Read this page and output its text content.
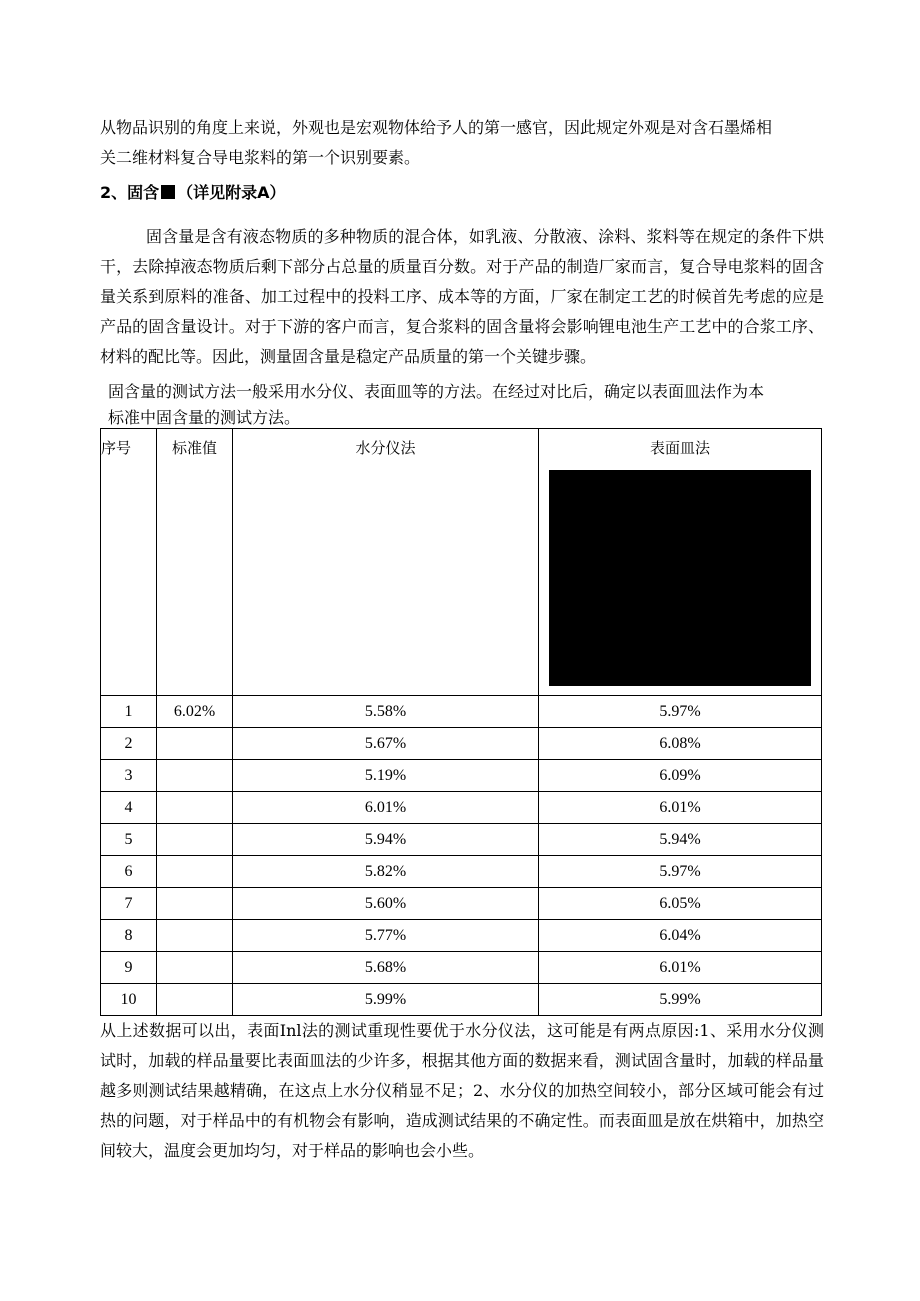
从物品识别的角度上来说，外观也是宏观物体给予人的第一感官，因此规定外观是对含石墨烯相

关二维材料复合导电浆料的第一个识别要素。

2、固含 （详见附录A）

固含量是含有液态物质的多种物质的混合体，如乳液、分散液、涂料、浆料等在规定的条件下烘干，去除掉液态物质后剩下部分占总量的质量百分数。对于产品的制造厂家而言，复合导电浆料的固含量关系到原料的准备、加工过程中的投料工序、成本等的方面，厂家在制定工艺的时候首先考虑的应是产品的固含量设计。对于下游的客户而言，复合浆料的固含量将会影响锂电池生产工艺中的合浆工序、材料的配比等。因此，测量固含量是稳定产品质量的第一个关键步骤。

固含量的测试方法一般采用水分仪、表面皿等的方法。在经过对比后，确定以表面皿法作为本

标准中固含量的测试方法。

序号	标准值	水分仪法	表面皿法

1	6.02%	5.58%	5.97%
2		5.67%	6.08%
3		5.19%	6.09%
4		6.01%	6.01%
5		5.94%	5.94%
6		5.82%	5.97%
7		5.60%	6.05%
8		5.77%	6.04%
9		5.68%	6.01%
10		5.99%	5.99%

从上述数据可以出，表面Inl法的测试重现性要优于水分仪法，这可能是有两点原因:1、采用水分仪测试时，加载的样品量要比表面皿法的少许多，根据其他方面的数据来看，测试固含量时，加载的样品量越多则测试结果越精确，在这点上水分仪稍显不足；2、水分仪的加热空间较小，部分区域可能会有过热的问题，对于样品中的有机物会有影响，造成测试结果的不确定性。而表面皿是放在烘箱中，加热空间较大，温度会更加均匀，对于样品的影响也会小些。
